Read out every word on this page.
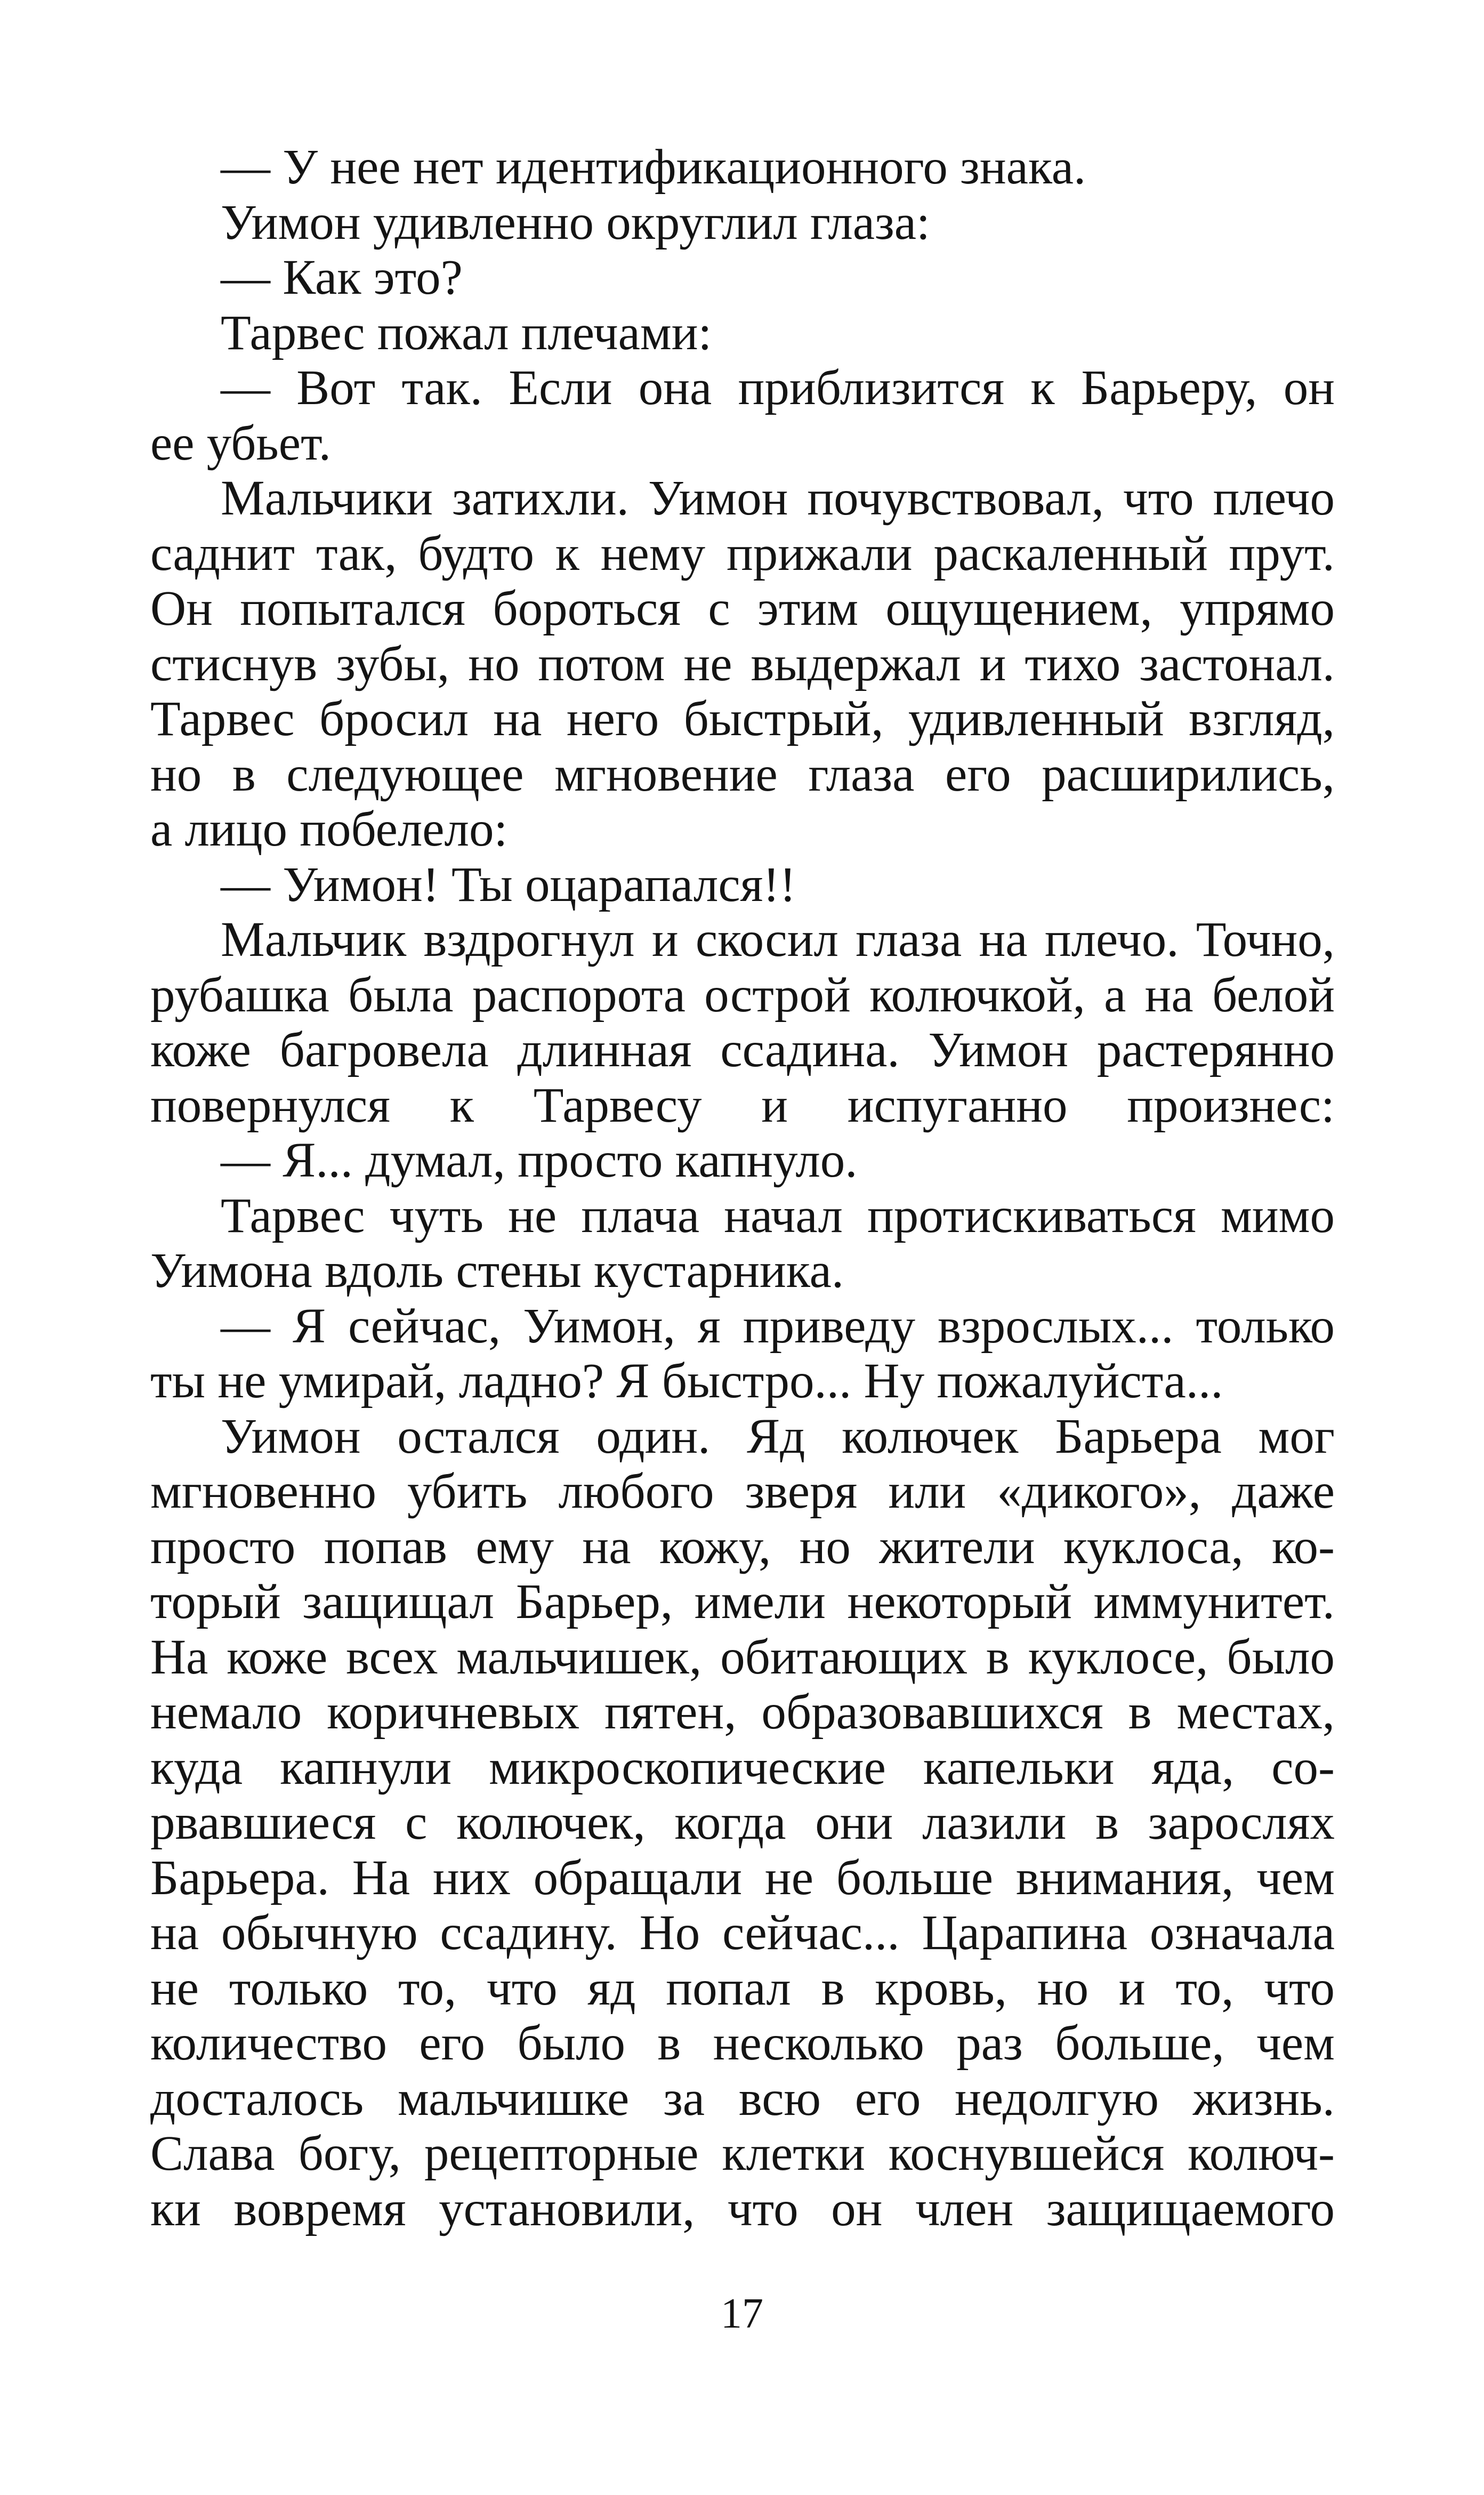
— У нее нет идентификационного знака.
Уимон удивленно округлил глаза:
— Как это?
Тарвес пожал плечами:
— Вот так. Если она приблизится к Барьеру, он
ее убьет.
Мальчики затихли. Уимон почувствовал, что плечо
саднит так, будто к нему прижали раскаленный прут.
Он попытался бороться с этим ощущением, упрямо
стиснув зубы, но потом не выдержал и тихо застонал.
Тарвес бросил на него быстрый, удивленный взгляд,
но в следующее мгновение глаза его расширились,
а лицо побелело:
— Уимон! Ты оцарапался!!
Мальчик вздрогнул и скосил глаза на плечо. Точно,
рубашка была распорота острой колючкой, а на белой
коже багровела длинная ссадина. Уимон растерянно
повернулся к Тарвесу и испуганно произнес:
— Я... думал, просто капнуло.
Тарвес чуть не плача начал протискиваться мимо
Уимона вдоль стены кустарника.
— Я сейчас, Уимон, я приведу взрослых... только
ты не умирай, ладно? Я быстро... Ну пожалуйста...
Уимон остался один. Яд колючек Барьера мог
мгновенно убить любого зверя или «дикого», даже
просто попав ему на кожу, но жители куклоса, ко-
торый защищал Барьер, имели некоторый иммунитет.
На коже всех мальчишек, обитающих в куклосе, было
немало коричневых пятен, образовавшихся в местах,
куда капнули микроскопические капельки яда, со-
рвавшиеся с колючек, когда они лазили в зарослях
Барьера. На них обращали не больше внимания, чем
на обычную ссадину. Но сейчас... Царапина означала
не только то, что яд попал в кровь, но и то, что
количество его было в несколько раз больше, чем
досталось мальчишке за всю его недолгую жизнь.
Слава богу, рецепторные клетки коснувшейся колюч-
ки вовремя установили, что он член защищаемого
17
